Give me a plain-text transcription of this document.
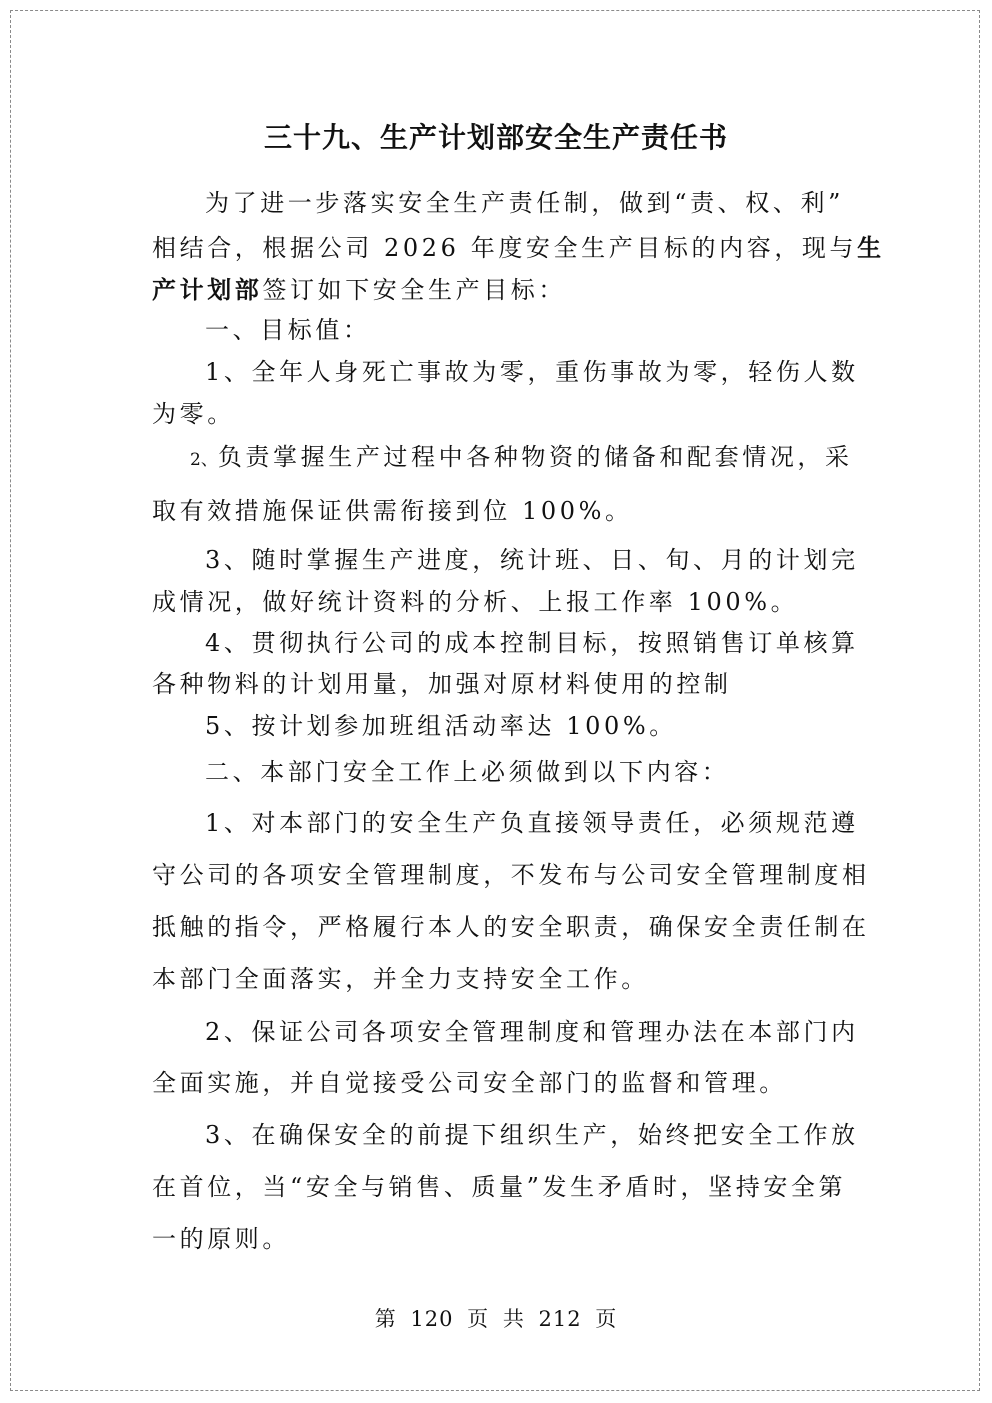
三十九、生产计划部安全生产责任书

为了进一步落实安全生产责任制，做到“责、权、利”

相结合，根据公司 2026 年度安全生产目标的内容，现与生

产计划部签订如下安全生产目标：

一、目标值：

1、全年人身死亡事故为零，重伤事故为零，轻伤人数

为零。

2、负责掌握生产过程中各种物资的储备和配套情况，采

取有效措施保证供需衔接到位 100%。

3、随时掌握生产进度，统计班、日、旬、月的计划完

成情况，做好统计资料的分析、上报工作率 100%。

4、贯彻执行公司的成本控制目标，按照销售订单核算

各种物料的计划用量，加强对原材料使用的控制

5、按计划参加班组活动率达 100%。

二、本部门安全工作上必须做到以下内容：

1、对本部门的安全生产负直接领导责任，必须规范遵

守公司的各项安全管理制度，不发布与公司安全管理制度相

抵触的指令，严格履行本人的安全职责，确保安全责任制在

本部门全面落实，并全力支持安全工作。

2、保证公司各项安全管理制度和管理办法在本部门内

全面实施，并自觉接受公司安全部门的监督和管理。

3、在确保安全的前提下组织生产，始终把安全工作放

在首位，当“安全与销售、质量”发生矛盾时，坚持安全第

一的原则。

第 120 页 共 212 页
